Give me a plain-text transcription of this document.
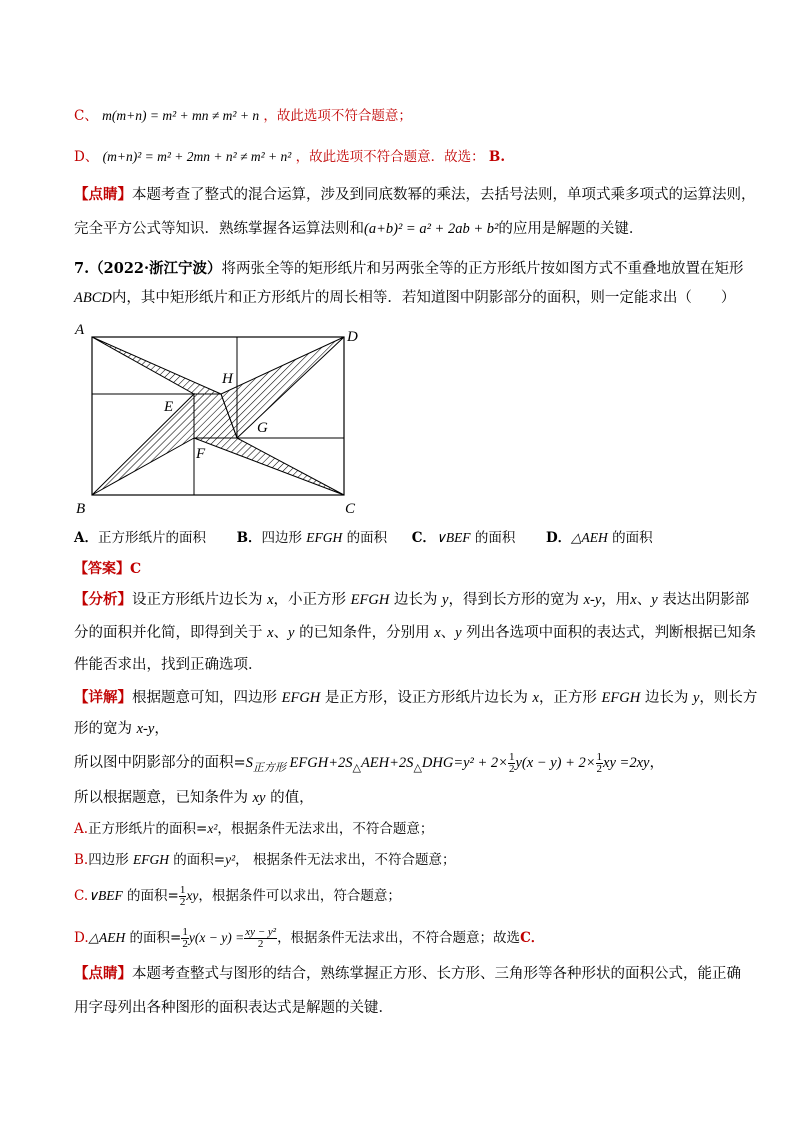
C、 m(m+n) = m² + mn ≠ m² + n ，故此选项不符合题意；
D、 (m+n)² = m² + 2mn + n² ≠ m² + n² ，故此选项不符合题意．故选： B.
【点睛】本题考查了整式的混合运算，涉及到同底数幂的乘法，去括号法则，单项式乘多项式的运算法则，
完全平方公式等知识．熟练掌握各运算法则和(a+b)² = a² + 2ab + b²的应用是解题的关键．
7.（2022·浙江宁波）将两张全等的矩形纸片和另两张全等的正方形纸片按如图方式不重叠地放置在矩形
ABCD内，其中矩形纸片和正方形纸片的周长相等．若知道图中阴影部分的面积，则一定能求出（　　）
A	D
B	C
H
E
G
F
A．正方形纸片的面积 B．四边形 EFGH 的面积 C．∨BEF 的面积 D．△AEH 的面积
【答案】C
【分析】设正方形纸片边长为 x，小正方形 EFGH 边长为 y，得到长方形的宽为 x-y，用x、y 表达出阴影部
分的面积并化简，即得到关于 x、y 的已知条件，分别用 x、y 列出各选项中面积的表达式，判断根据已知条
件能否求出，找到正确选项．
【详解】根据题意可知，四边形 EFGH 是正方形，设正方形纸片边长为 x，正方形 EFGH 边长为 y，则长方
形的宽为 x-y，
所以图中阴影部分的面积$=S_{正方形}$ $EFGH+2S_\triangle AEH+2S_\triangle DHG=y^2 + 2\times \frac{1}{2} y(x - y) + 2\times \frac{1}{2}$ xy =2xy，
所以根据题意，已知条件为 xy 的值，
A.正方形纸片的面积=x²，根据条件无法求出，不符合题意；
B.四边形 EFGH 的面积=y²， 根据条件无法求出，不符合题意；
C.∨BEF 的面积= $\frac{1}{2}$ xy，根据条件可以求出，符合题意；
D.△AEH 的面积= $\frac{1}{2} y(x - y) = \frac{\text{xy − y²}}{2}$ ，根据条件无法求出，不符合题意；故选C．
【点睛】本题考查整式与图形的结合，熟练掌握正方形、长方形、三角形等各种形状的面积公式，能正确
用字母列出各种图形的面积表达式是解题的关键．
